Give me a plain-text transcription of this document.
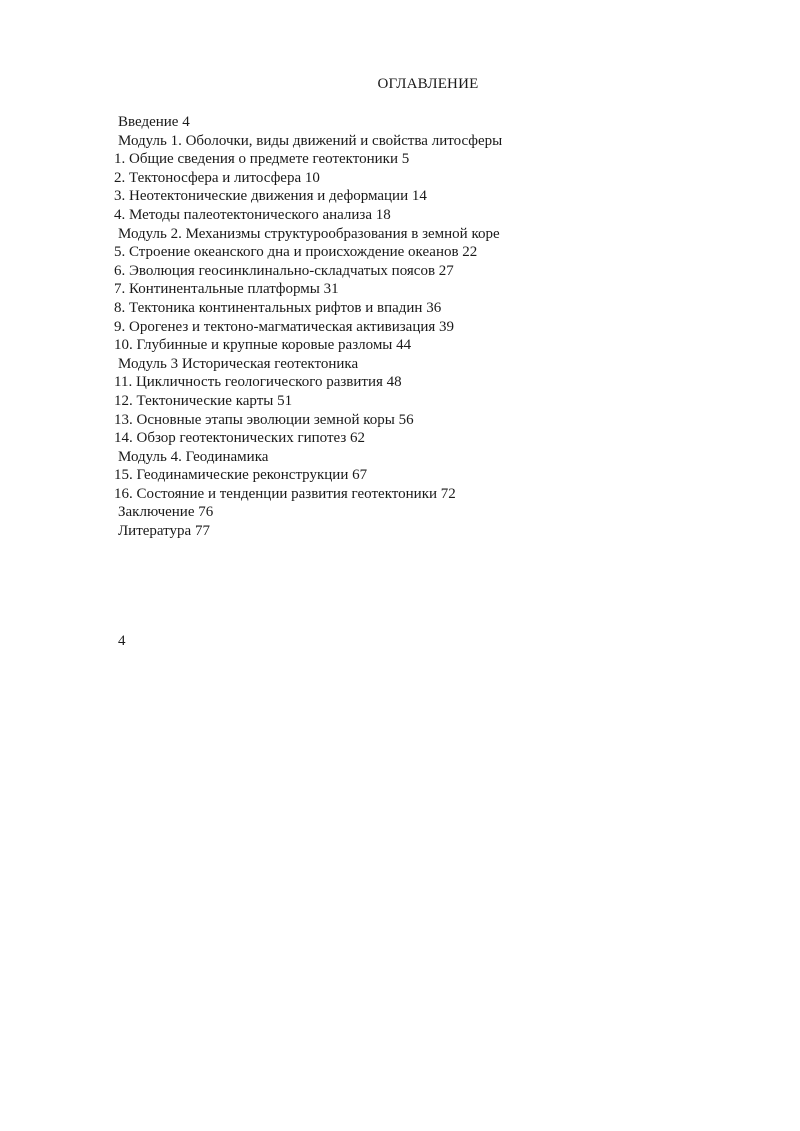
ОГЛАВЛЕНИЕ
Введение 4
Модуль 1. Оболочки, виды движений и свойства литосферы
1. Общие сведения о предмете геотектоники 5
2. Тектоносфера и литосфера 10
3. Неотектонические движения и деформации 14
4. Методы палеотектонического анализа 18
Модуль 2. Механизмы структурообразования в земной коре
5. Строение океанского дна и происхождение океанов 22
6. Эволюция геосинклинально-складчатых поясов 27
7. Континентальные платформы 31
8. Тектоника континентальных рифтов и впадин 36
9. Орогенез и тектоно-магматическая активизация 39
10. Глубинные и крупные коровые разломы 44
Модуль 3 Историческая геотектоника
11. Цикличность геологического развития 48
12. Тектонические карты 51
13. Основные этапы эволюции земной коры 56
14. Обзор геотектонических гипотез 62
Модуль 4. Геодинамика
15. Геодинамические реконструкции 67
16. Состояние и тенденции развития геотектоники 72
Заключение 76
Литература 77
4
